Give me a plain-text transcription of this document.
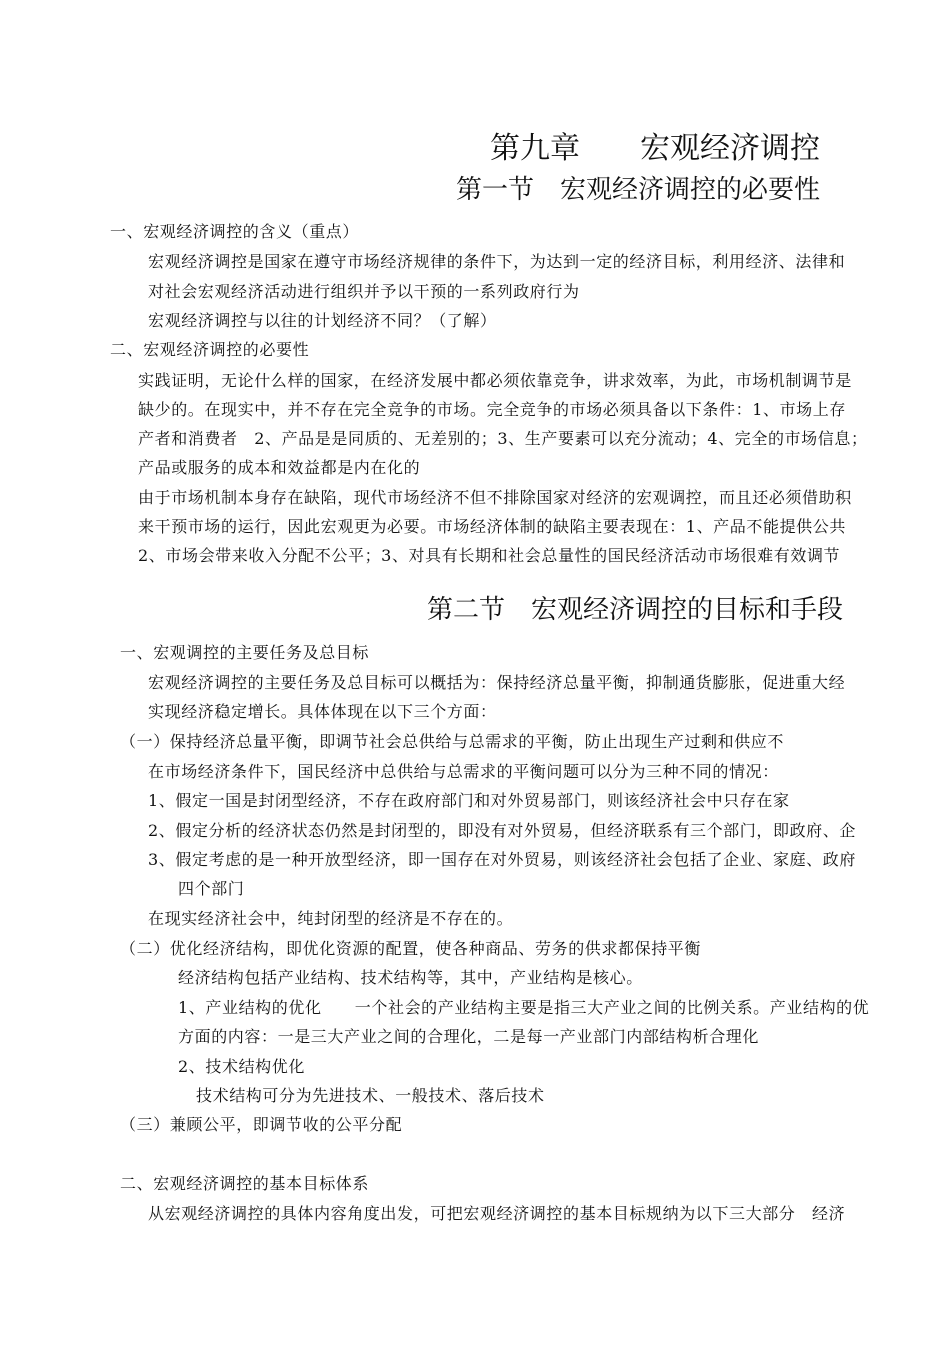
第九章　　宏观经济调控
第一节　宏观经济调控的必要性
一、宏观经济调控的含义（重点）
宏观经济调控是国家在遵守市场经济规律的条件下，为达到一定的经济目标，利用经济、法律和
对社会宏观经济活动进行组织并予以干预的一系列政府行为
宏观经济调控与以往的计划经济不同？（了解）
二、宏观经济调控的必要性
实践证明，无论什么样的国家，在经济发展中都必须依靠竞争，讲求效率，为此，市场机制调节是
缺少的。在现实中，并不存在完全竞争的市场。完全竞争的市场必须具备以下条件：1、市场上存
产者和消费者　2、产品是是同质的、无差别的；3、生产要素可以充分流动；4、完全的市场信息；
产品或服务的成本和效益都是内在化的
由于市场机制本身存在缺陷，现代市场经济不但不排除国家对经济的宏观调控，而且还必须借助积
来干预市场的运行，因此宏观更为必要。市场经济体制的缺陷主要表现在：1、产品不能提供公共
2、市场会带来收入分配不公平；3、对具有长期和社会总量性的国民经济活动市场很难有效调节
第二节　宏观经济调控的目标和手段
一、宏观调控的主要任务及总目标
宏观经济调控的主要任务及总目标可以概括为：保持经济总量平衡，抑制通货膨胀，促进重大经
实现经济稳定增长。具体体现在以下三个方面：
（一）保持经济总量平衡，即调节社会总供给与总需求的平衡，防止出现生产过剩和供应不
在市场经济条件下，国民经济中总供给与总需求的平衡问题可以分为三种不同的情况：
1、假定一国是封闭型经济，不存在政府部门和对外贸易部门，则该经济社会中只存在家
2、假定分析的经济状态仍然是封闭型的，即没有对外贸易，但经济联系有三个部门，即政府、企
3、假定考虑的是一种开放型经济，即一国存在对外贸易，则该经济社会包括了企业、家庭、政府
四个部门
在现实经济社会中，纯封闭型的经济是不存在的。
（二）优化经济结构，即优化资源的配置，使各种商品、劳务的供求都保持平衡
经济结构包括产业结构、技术结构等，其中，产业结构是核心。
1、产业结构的优化　　一个社会的产业结构主要是指三大产业之间的比例关系。产业结构的优
方面的内容：一是三大产业之间的合理化，二是每一产业部门内部结构析合理化
2、技术结构优化
技术结构可分为先进技术、一般技术、落后技术
（三）兼顾公平，即调节收的公平分配
二、宏观经济调控的基本目标体系
从宏观经济调控的具体内容角度出发，可把宏观经济调控的基本目标规纳为以下三大部分　经济
